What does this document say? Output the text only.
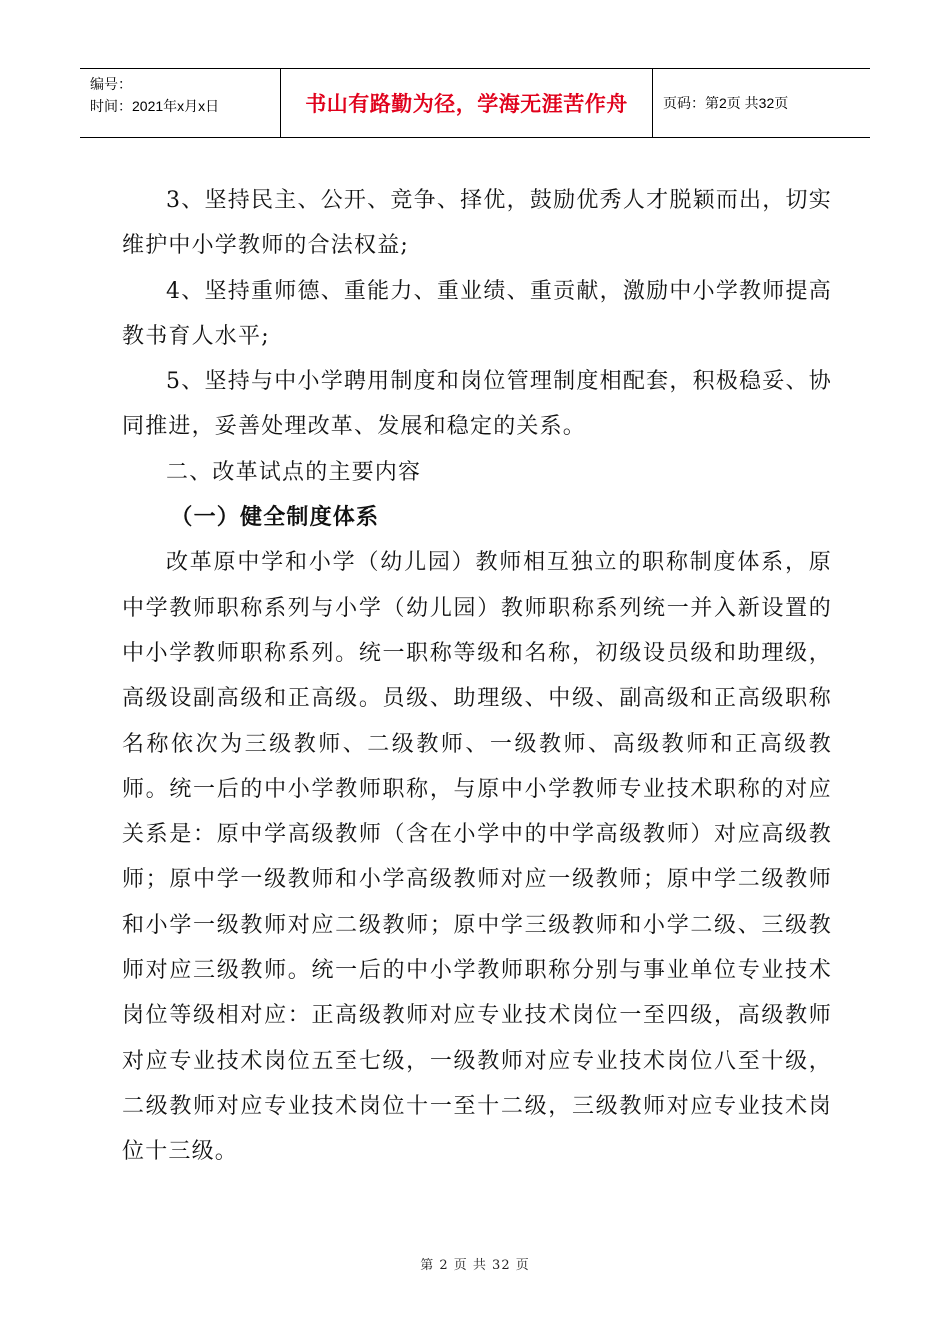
编号：
时间：2021年x月x日	书山有路勤为径，学海无涯苦作舟	页码：第2页 共32页

3、坚持民主、公开、竞争、择优，鼓励优秀人才脱颖而出，切实维护中小学教师的合法权益;

4、坚持重师德、重能力、重业绩、重贡献，激励中小学教师提高教书育人水平;

5、坚持与中小学聘用制度和岗位管理制度相配套，积极稳妥、协同推进，妥善处理改革、发展和稳定的关系。

二、改革试点的主要内容

（一）健全制度体系

改革原中学和小学（幼儿园）教师相互独立的职称制度体系，原中学教师职称系列与小学（幼儿园）教师职称系列统一并入新设置的中小学教师职称系列。统一职称等级和名称，初级设员级和助理级，高级设副高级和正高级。员级、助理级、中级、副高级和正高级职称名称依次为三级教师、二级教师、一级教师、高级教师和正高级教师。统一后的中小学教师职称，与原中小学教师专业技术职称的对应关系是：原中学高级教师（含在小学中的中学高级教师）对应高级教师；原中学一级教师和小学高级教师对应一级教师；原中学二级教师和小学一级教师对应二级教师；原中学三级教师和小学二级、三级教师对应三级教师。统一后的中小学教师职称分别与事业单位专业技术岗位等级相对应：正高级教师对应专业技术岗位一至四级，高级教师对应专业技术岗位五至七级，一级教师对应专业技术岗位八至十级，二级教师对应专业技术岗位十一至十二级，三级教师对应专业技术岗位十三级。

第 2 页 共 32 页
